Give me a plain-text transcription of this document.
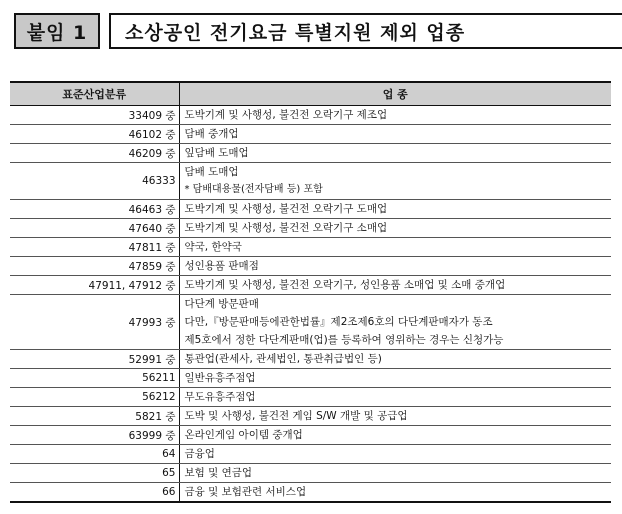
붙임 1	소상공인 전기요금 특별지원 제외 업종
표준산업분류	업 종
33409 중	도박기계 및 사행성, 불건전 오락기구 제조업

46102 중	담배 중개업

46209 중	잎담배 도매업

46333	담배 도매업
* 담배대용물(전자담배 등) 포함

46463 중	도박기계 및 사행성, 불건전 오락기구 도매업

47640 중	도박기계 및 사행성, 불건전 오락기구 소매업

47811 중	약국, 한약국

47859 중	성인용품 판매점

47911, 47912 중	도박기계 및 사행성, 불건전 오락기구, 성인용품 소매업 및 소매 중개업

47993 중	다단계 방문판매
다만,『방문판매등에관한법률』제2조제6호의 다단계판매자가 동조
제5호에서 정한 다단계판매(업)를 등록하여 영위하는 경우는 신청가능

52991 중	통관업(관세사, 관세법인, 통관취급법인 등)

56211	일반유흥주점업

56212	무도유흥주점업

5821 중	도박 및 사행성, 불건전 게임 S/W 개발 및 공급업

63999 중	온라인게임 아이템 중개업

64	금융업

65	보험 및 연금업

66	금융 및 보험관련 서비스업
